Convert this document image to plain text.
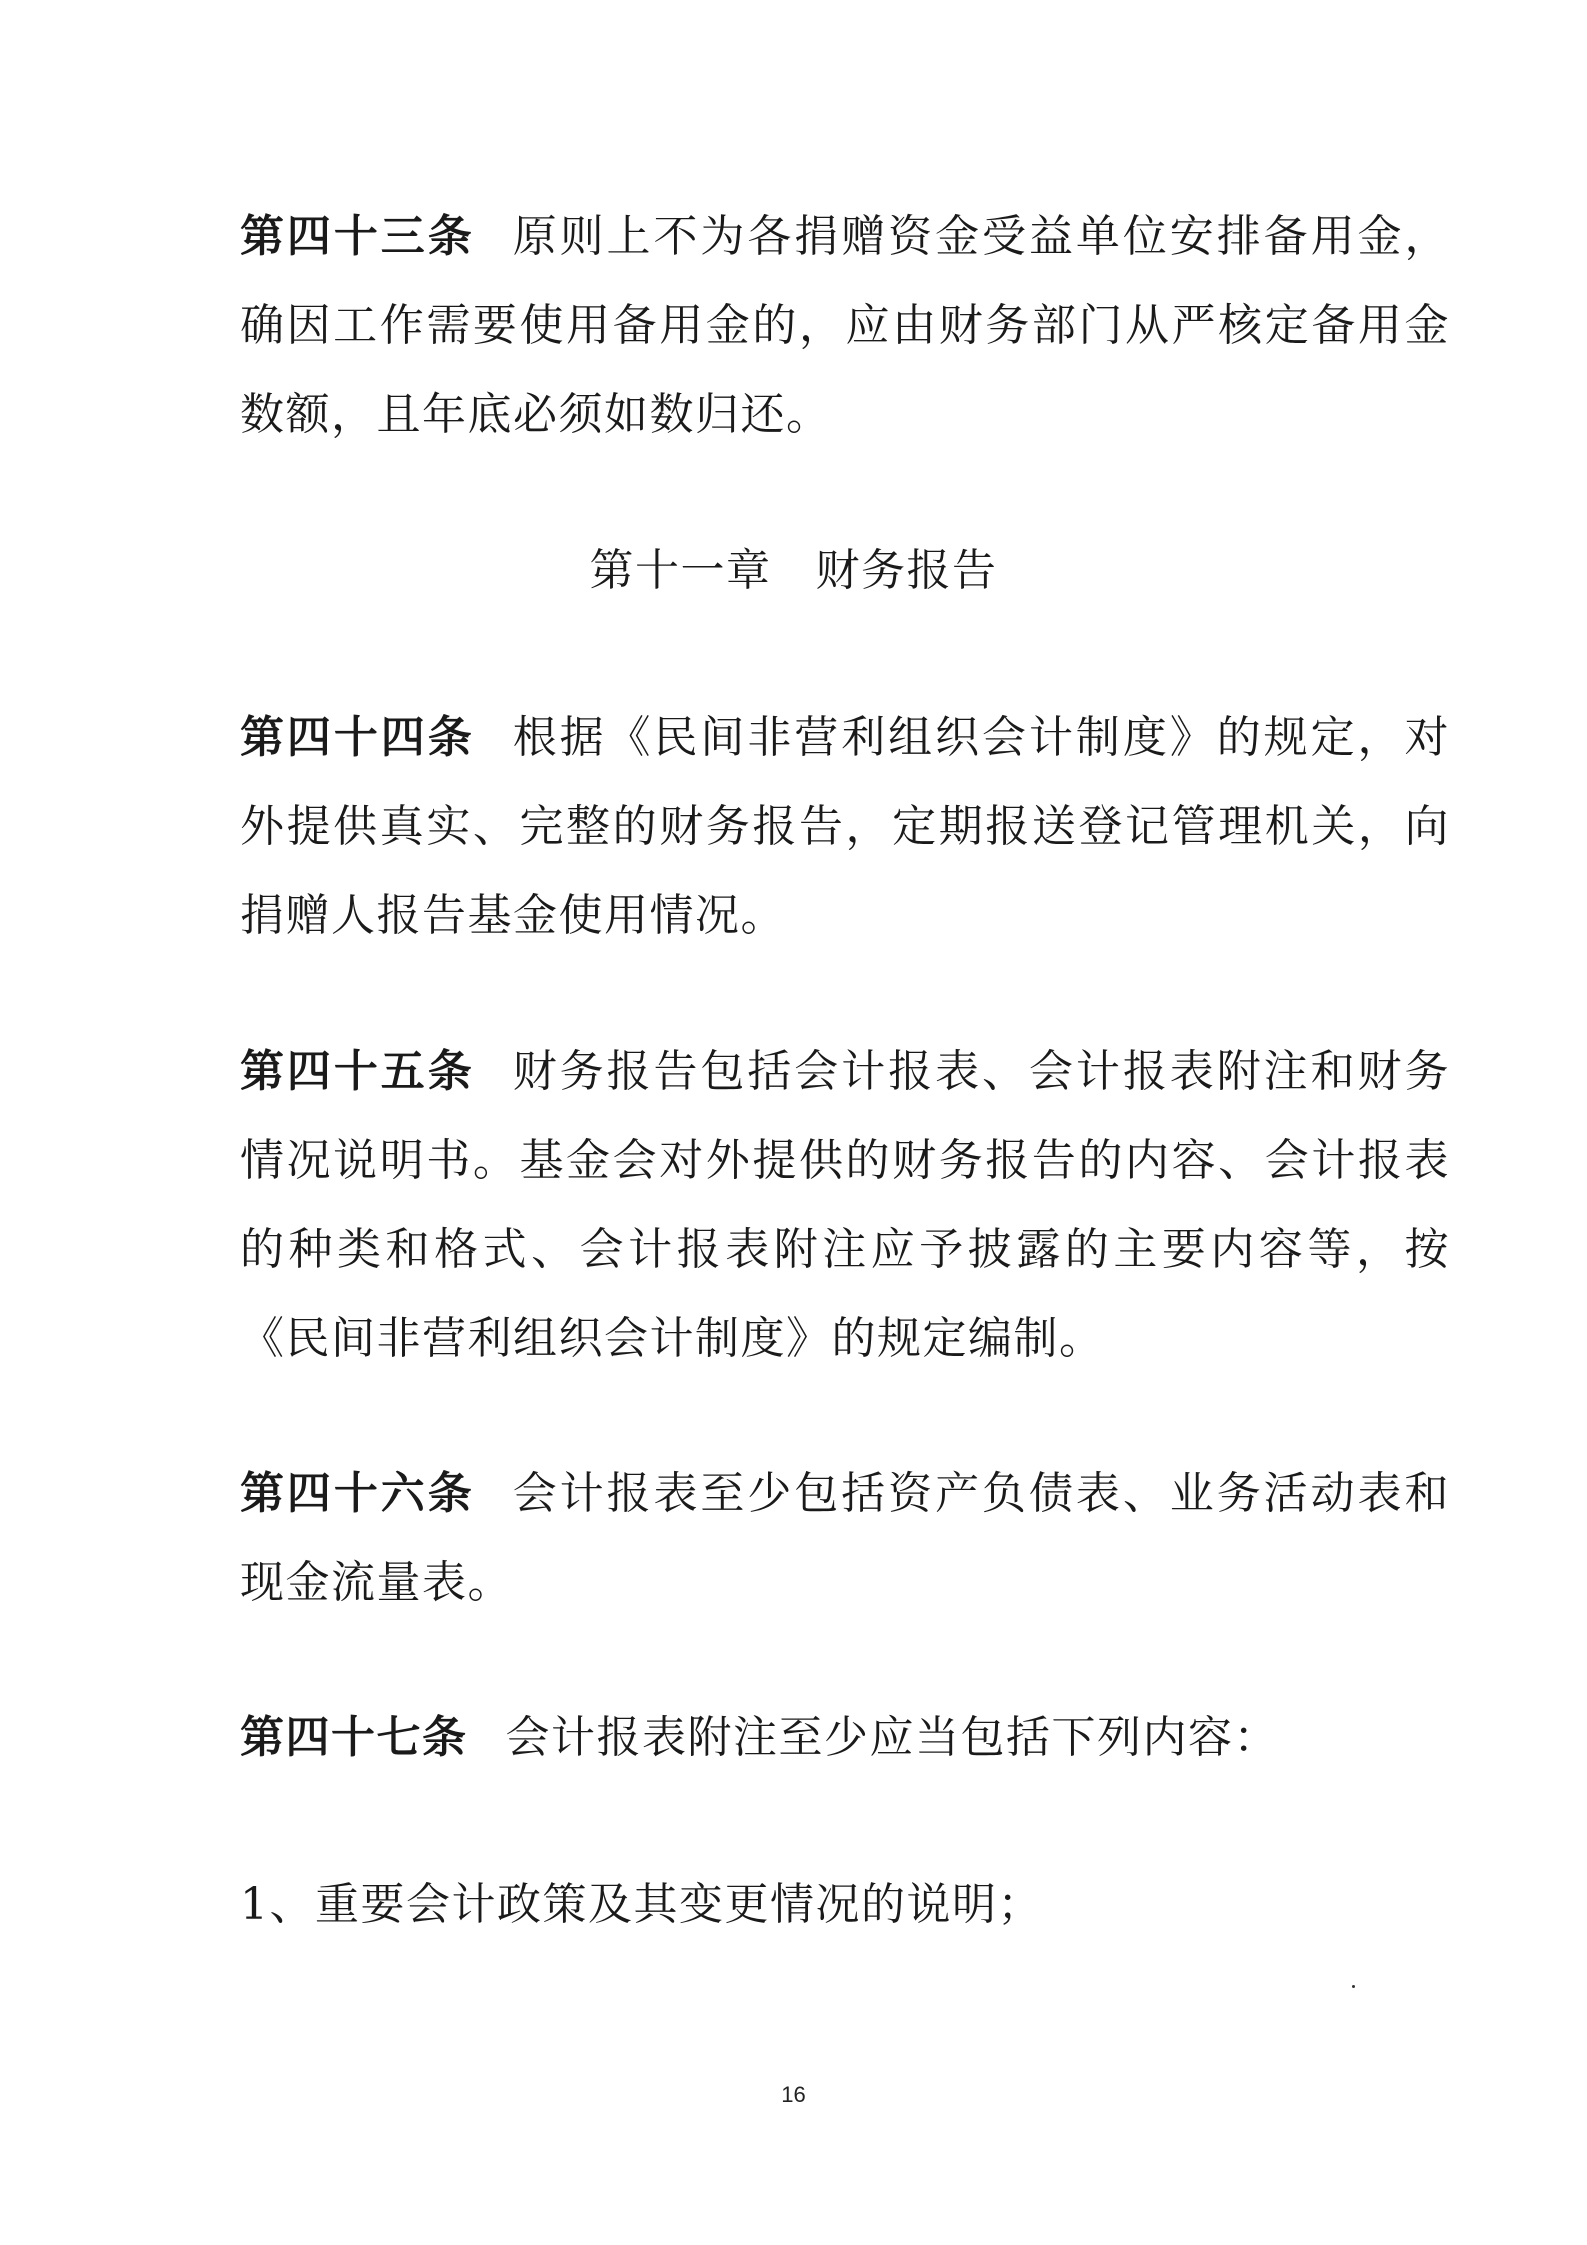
第四十三条 原则上不为各捐赠资金受益单位安排备用金，确因工作需要使用备用金的，应由财务部门从严核定备用金数额，且年底必须如数归还。

第十一章 财务报告

第四十四条 根据《民间非营利组织会计制度》的规定，对外提供真实、完整的财务报告，定期报送登记管理机关，向捐赠人报告基金使用情况。

第四十五条 财务报告包括会计报表、会计报表附注和财务情况说明书。基金会对外提供的财务报告的内容、会计报表的种类和格式、会计报表附注应予披露的主要内容等，按 《民间非营利组织会计制度》的规定编制。

第四十六条 会计报表至少包括资产负债表、业务活动表和现金流量表。

第四十七条 会计报表附注至少应当包括下列内容：

1、重要会计政策及其变更情况的说明；

16
